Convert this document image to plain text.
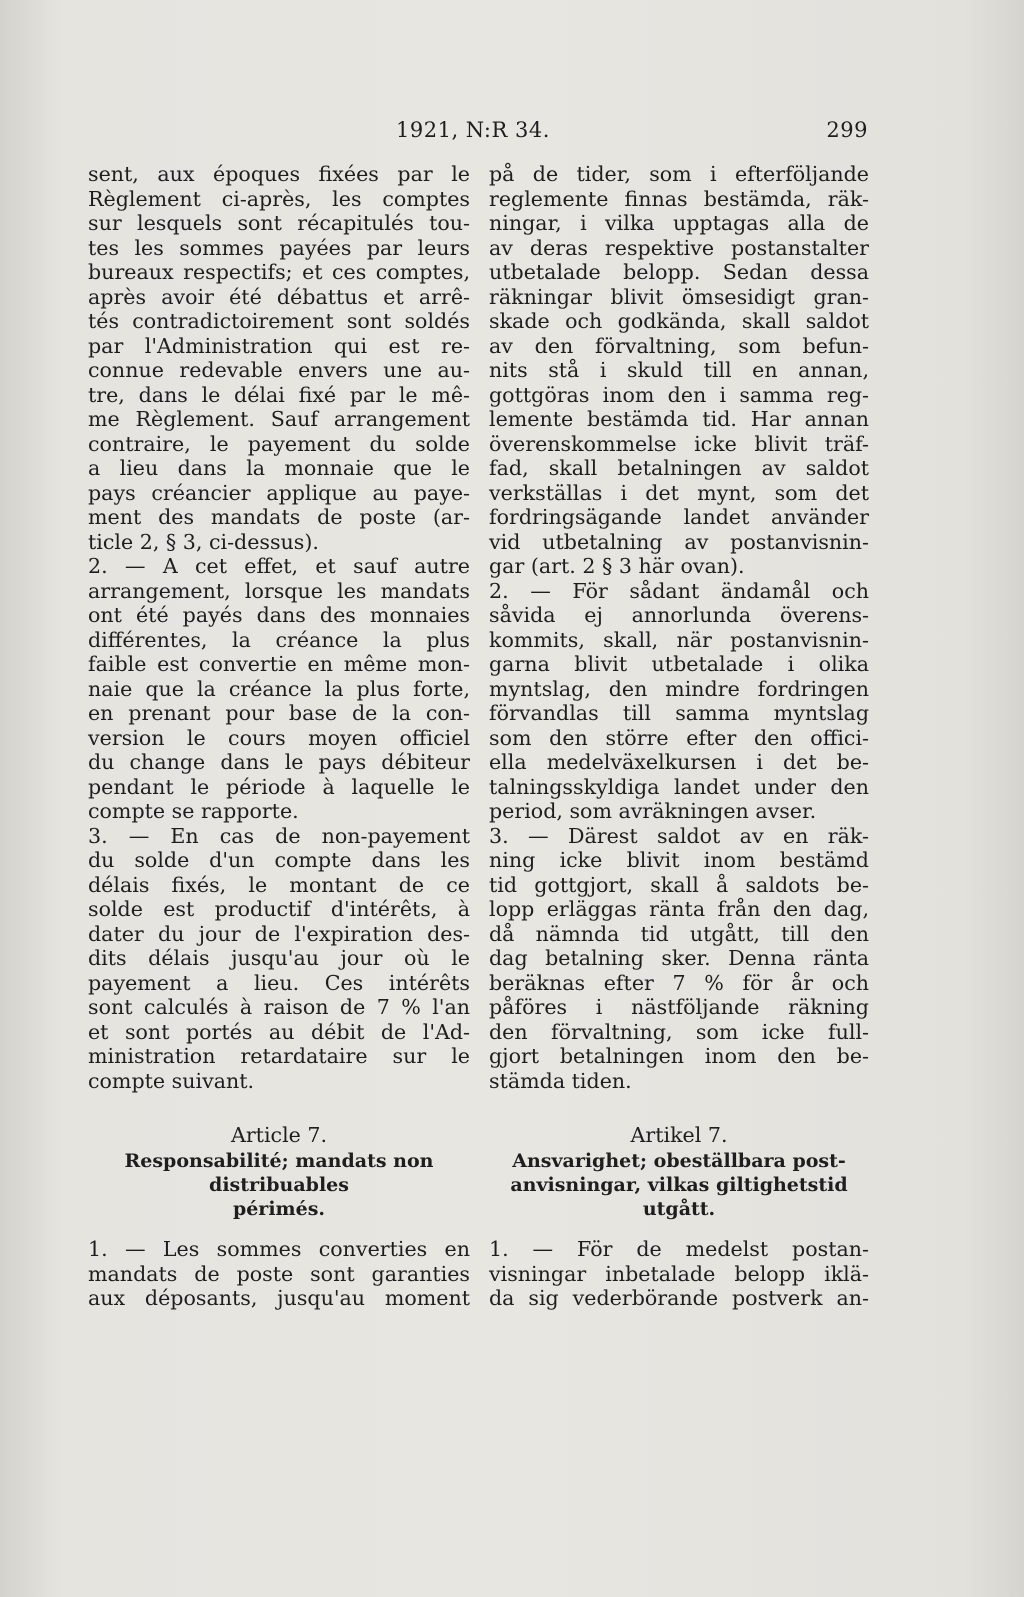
1921, N:R 34.	299
sent, aux époques fixées par le
Règlement ci-après, les comptes
sur lesquels sont récapitulés tou-
tes les sommes payées par leurs
bureaux respectifs; et ces comptes,
après avoir été débattus et arrê-
tés contradictoirement sont soldés
par l'Administration qui est re-
connue redevable envers une au-
tre, dans le délai fixé par le mê-
me Règlement. Sauf arrangement
contraire, le payement du solde
a lieu dans la monnaie que le
pays créancier applique au paye-
ment des mandats de poste (ar-
ticle 2, § 3, ci-dessus).
2. — A cet effet, et sauf autre
arrangement, lorsque les mandats
ont été payés dans des monnaies
différentes, la créance la plus
faible est convertie en même mon-
naie que la créance la plus forte,
en prenant pour base de la con-
version le cours moyen officiel
du change dans le pays débiteur
pendant le période à laquelle le
compte se rapporte.
3. — En cas de non-payement
du solde d'un compte dans les
délais fixés, le montant de ce
solde est productif d'intérêts, à
dater du jour de l'expiration des-
dits délais jusqu'au jour où le
payement a lieu. Ces intérêts
sont calculés à raison de 7 % l'an
et sont portés au débit de l'Ad-
ministration retardataire sur le
compte suivant.
Article 7.
Responsabilité; mandats non
distribuables
périmés.
1. — Les sommes converties en
mandats de poste sont garanties
aux déposants, jusqu'au moment
på de tider, som i efterföljande
reglemente finnas bestämda, räk-
ningar, i vilka upptagas alla de
av deras respektive postanstalter
utbetalade belopp. Sedan dessa
räkningar blivit ömsesidigt gran-
skade och godkända, skall saldot
av den förvaltning, som befun-
nits stå i skuld till en annan,
gottgöras inom den i samma reg-
lemente bestämda tid. Har annan
överenskommelse icke blivit träf-
fad, skall betalningen av saldot
verkställas i det mynt, som det
fordringsägande landet använder
vid utbetalning av postanvisnin-
gar (art. 2 § 3 här ovan).
2. — För sådant ändamål och
såvida ej annorlunda överens-
kommits, skall, när postanvisnin-
garna blivit utbetalade i olika
myntslag, den mindre fordringen
förvandlas till samma myntslag
som den större efter den offici-
ella medelväxelkursen i det be-
talningsskyldiga landet under den
period, som avräkningen avser.
3. — Därest saldot av en räk-
ning icke blivit inom bestämd
tid gottgjort, skall å saldots be-
lopp erläggas ränta från den dag,
då nämnda tid utgått, till den
dag betalning sker. Denna ränta
beräknas efter 7 % för år och
påföres i nästföljande räkning
den förvaltning, som icke full-
gjort betalningen inom den be-
stämda tiden.
Artikel 7.
Ansvarighet; obeställbara post-
anvisningar, vilkas giltighetstid
utgått.
1. — För de medelst postan-
visningar inbetalade belopp iklä-
da sig vederbörande postverk an-
